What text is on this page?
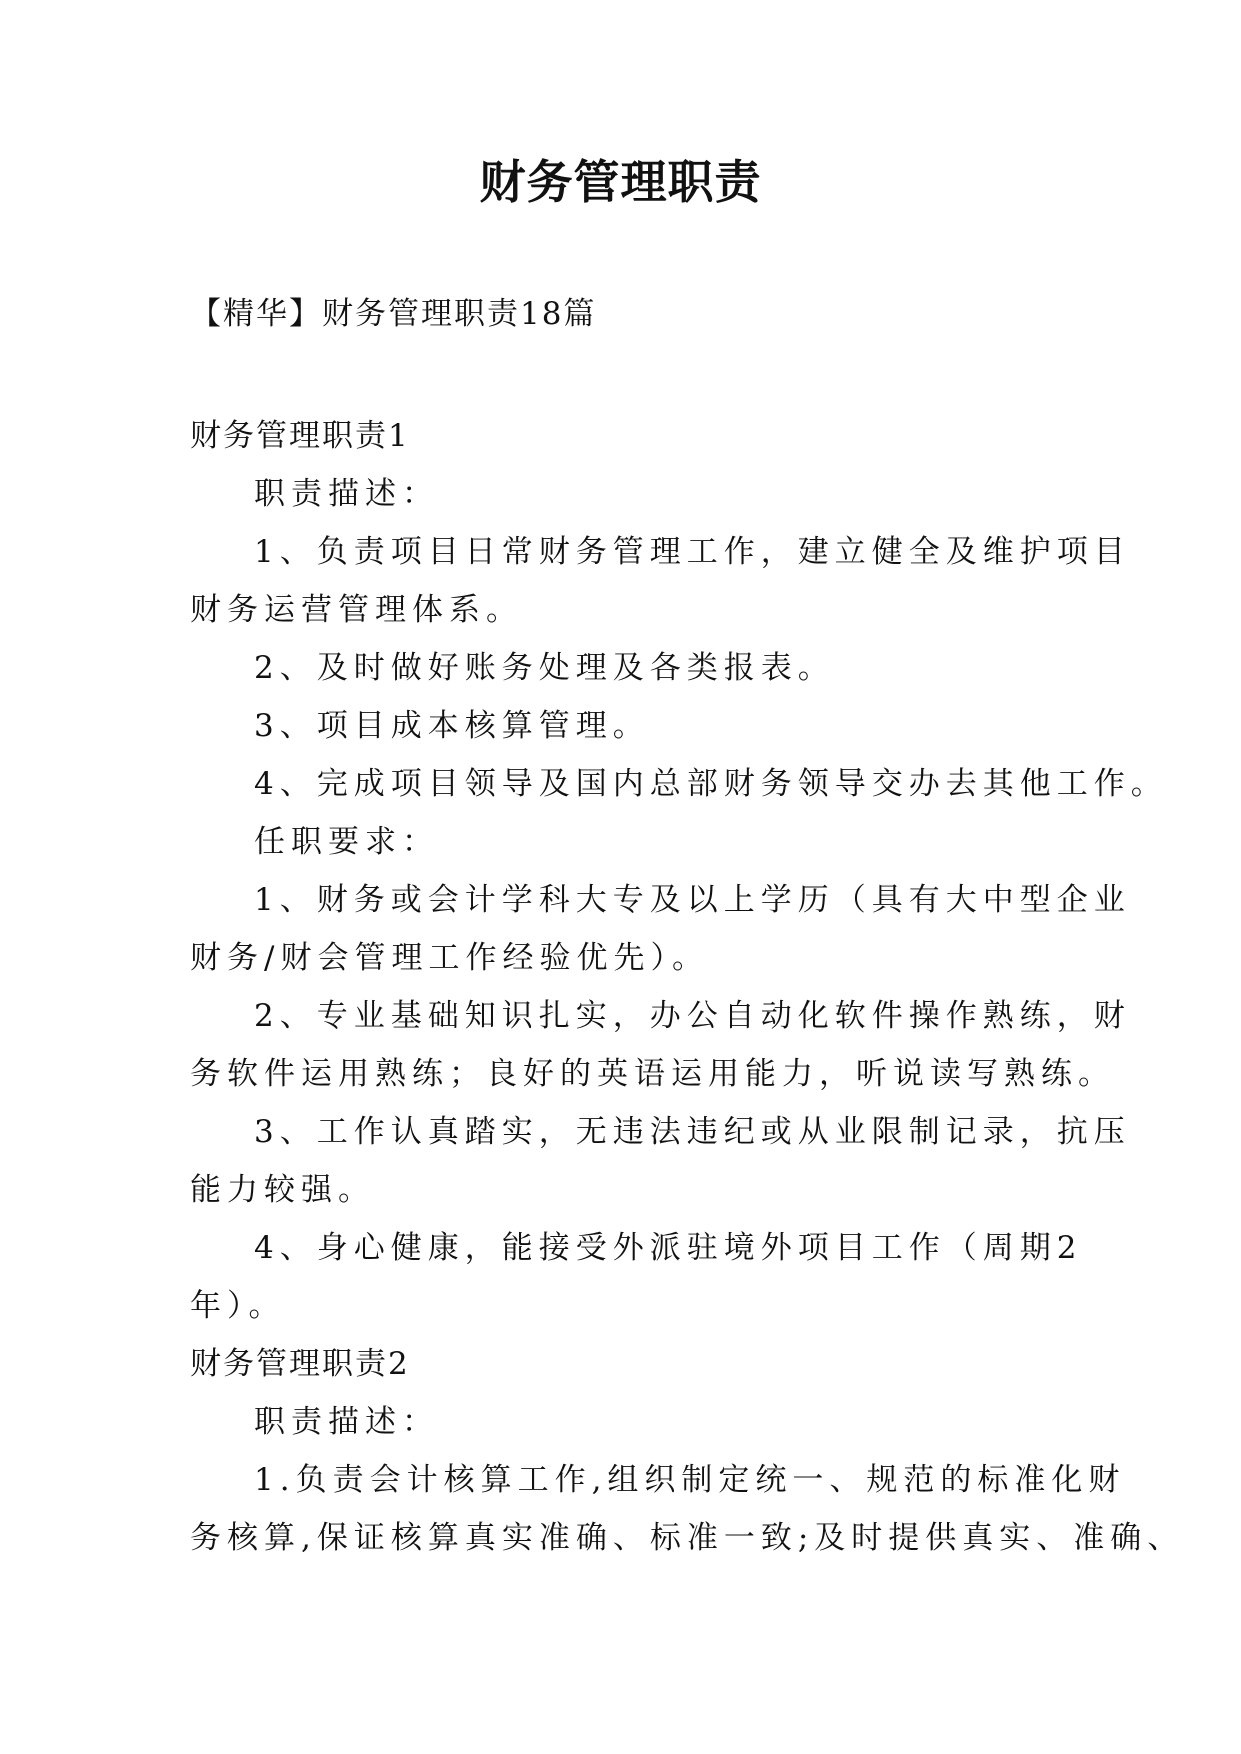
财务管理职责

【精华】财务管理职责18篇

财务管理职责1

职责描述：

1、负责项目日常财务管理工作，建立健全及维护项目

财务运营管理体系。

2、及时做好账务处理及各类报表。

3、项目成本核算管理。

4、完成项目领导及国内总部财务领导交办去其他工作。

任职要求：

1、财务或会计学科大专及以上学历（具有大中型企业

财务/财会管理工作经验优先）。

2、专业基础知识扎实，办公自动化软件操作熟练，财

务软件运用熟练；良好的英语运用能力，听说读写熟练。

3、工作认真踏实，无违法违纪或从业限制记录，抗压

能力较强。

4、身心健康，能接受外派驻境外项目工作（周期2

年）。

财务管理职责2

职责描述：

1.负责会计核算工作,组织制定统一、规范的标准化财

务核算,保证核算真实准确、标准一致;及时提供真实、准确、
